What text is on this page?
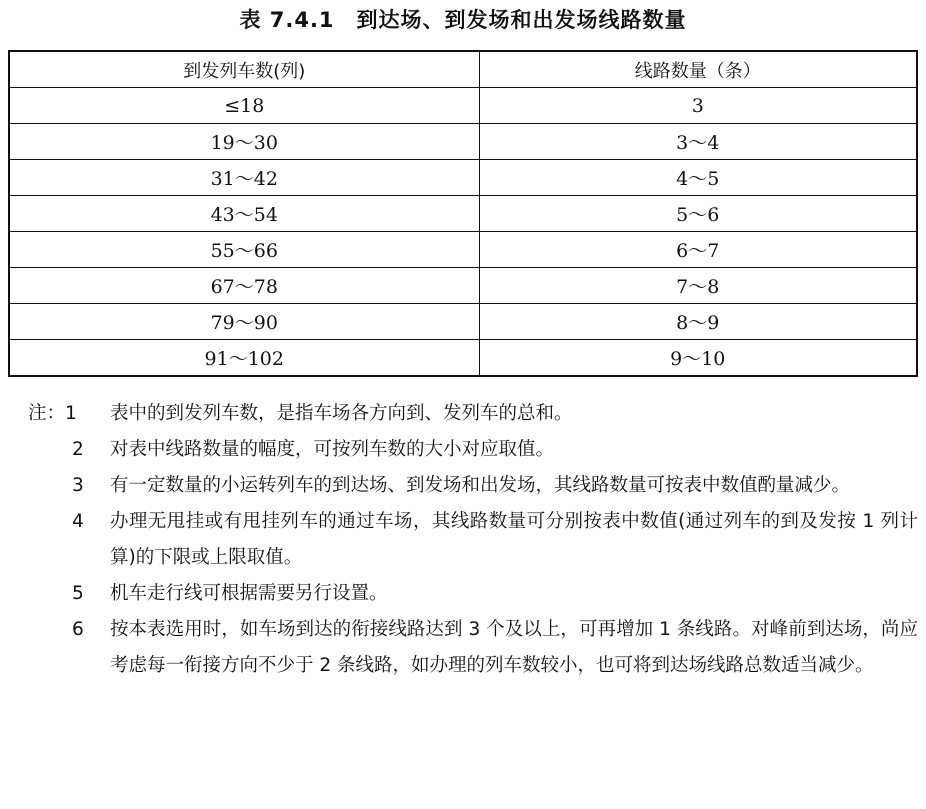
表 7.4.1　到达场、到发场和出发场线路数量
到发列车数(列)	线路数量（条）
≤18	3
19～30	3～4
31～42	4～5
43～54	5～6
55～66	6～7
67～78	7～8
79～90	8～9
91～102	9～10
注：1	表中的到发列车数，是指车场各方向到、发列车的总和。
2	对表中线路数量的幅度，可按列车数的大小对应取值。
3	有一定数量的小运转列车的到达场、到发场和出发场，其线路数量可按表中数值酌量减少。
4	办理无甩挂或有甩挂列车的通过车场，其线路数量可分别按表中数值(通过列车的到及发按 1 列计算)的下限或上限取值。
5	机车走行线可根据需要另行设置。
6	按本表选用时，如车场到达的衔接线路达到 3 个及以上，可再增加 1 条线路。对峰前到达场，尚应考虑每一衔接方向不少于 2 条线路，如办理的列车数较小，也可将到达场线路总数适当减少。
